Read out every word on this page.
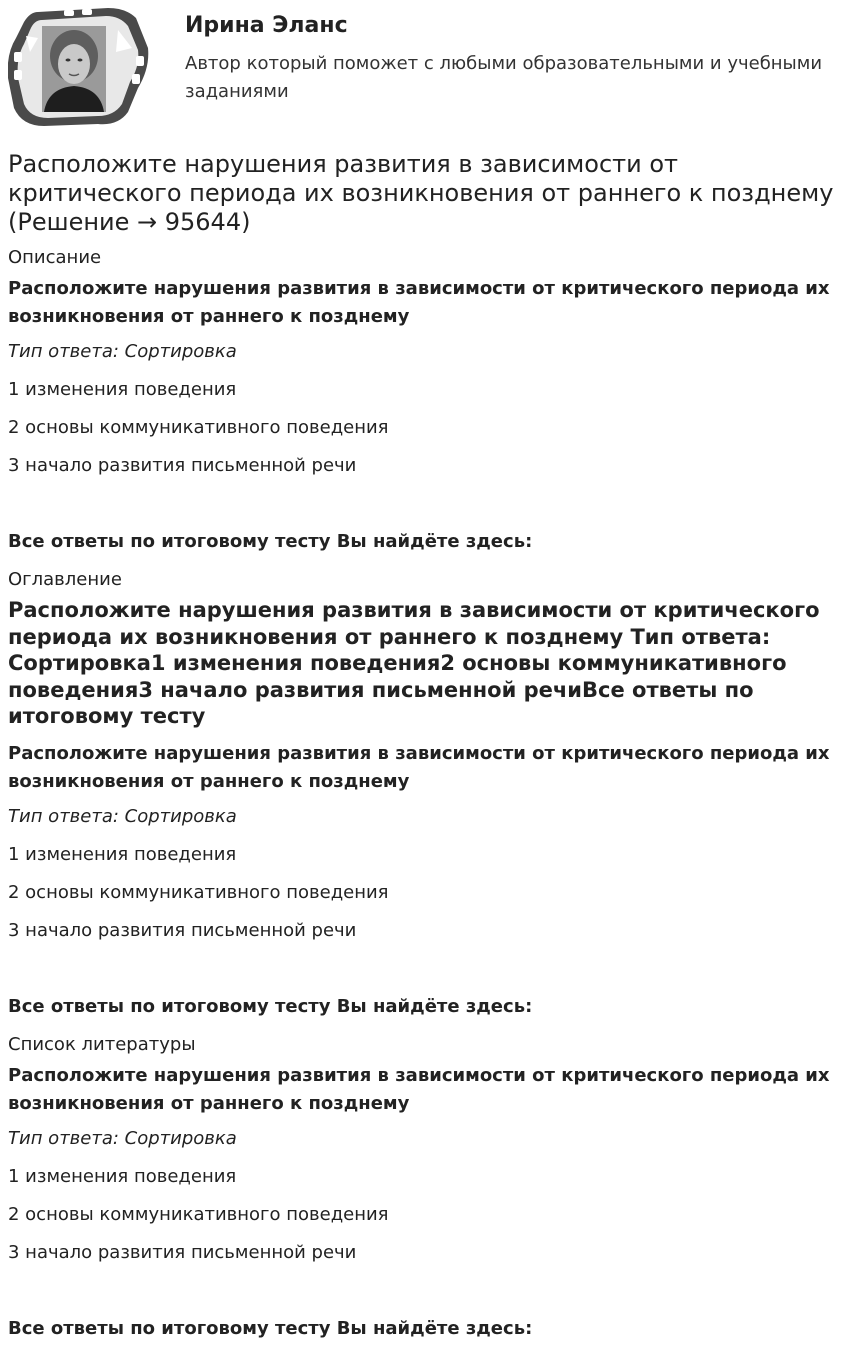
Ирина Эланс

Автор который поможет с любыми образовательными и учебными заданиями

Расположите нарушения развития в зависимости от критического периода их возникновения от раннего к позднему (Решение → 95644)

Описание

Расположите нарушения развития в зависимости от критического периода их возникновения от раннего к позднему

Тип ответа: Сортировка

1 изменения поведения

2 основы коммуникативного поведения

3 начало развития письменной речи

Все ответы по итоговому тесту Вы найдёте здесь:

Оглавление

Расположите нарушения развития в зависимости от критического периода их возникновения от раннего к позднему Тип ответа: Сортировка1 изменения поведения2 основы коммуникативного поведения3 начало развития письменной речиВсе ответы по итоговому тесту

Расположите нарушения развития в зависимости от критического периода их возникновения от раннего к позднему

Тип ответа: Сортировка

1 изменения поведения

2 основы коммуникативного поведения

3 начало развития письменной речи

Все ответы по итоговому тесту Вы найдёте здесь:

Список литературы

Расположите нарушения развития в зависимости от критического периода их возникновения от раннего к позднему

Тип ответа: Сортировка

1 изменения поведения

2 основы коммуникативного поведения

3 начало развития письменной речи

Все ответы по итоговому тесту Вы найдёте здесь:
